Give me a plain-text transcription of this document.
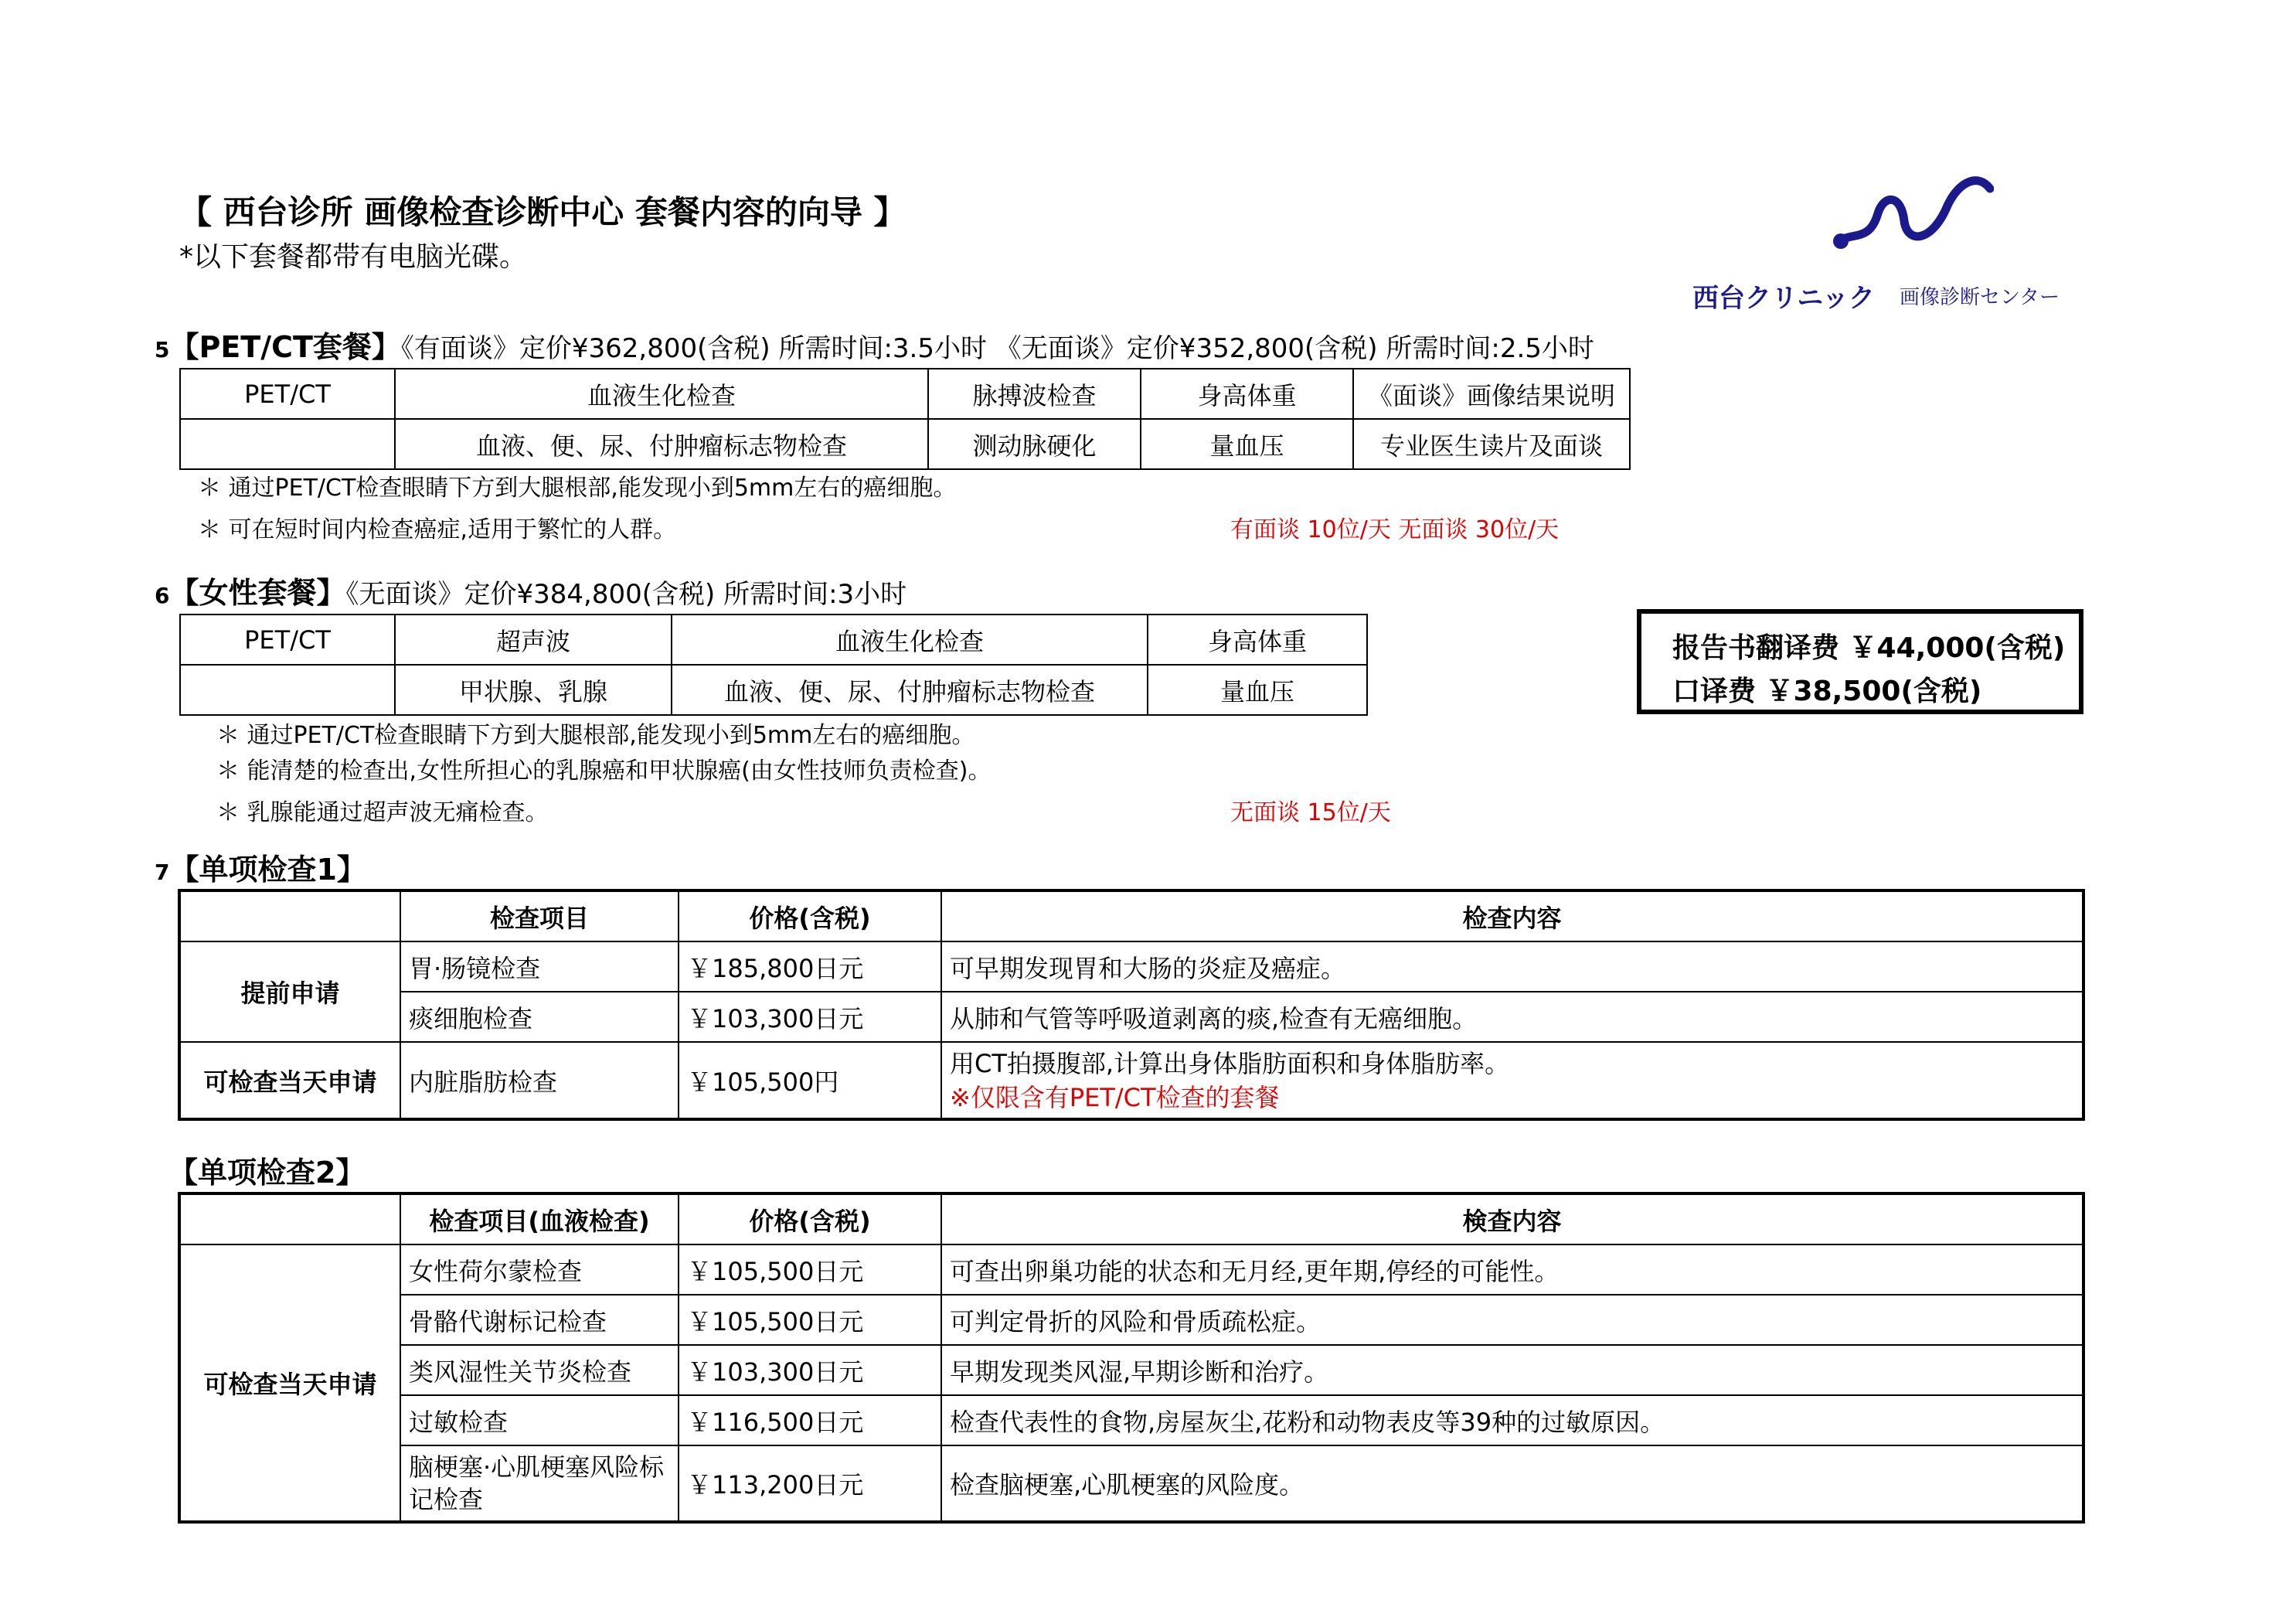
【 西台诊所 画像检查诊断中心 套餐内容的向导 】
*以下套餐都带有电脑光碟。
西台クリニック 画像診断センター
5【PET/CT套餐】《有面谈》定价¥362,800(含税) 所需时间:3.5小时 《无面谈》定价¥352,800(含税) 所需时间:2.5小时
PET/CT	血液生化检查	脉搏波检查	身高体重	《面谈》画像结果说明
	血液、便、尿、付肿瘤标志物检查	测动脉硬化	量血压	专业医生读片及面谈
＊ 通过PET/CT检查眼睛下方到大腿根部,能发现小到5mm左右的癌细胞。
＊ 可在短时间内检查癌症,适用于繁忙的人群。	有面谈 10位/天 无面谈 30位/天
6【女性套餐】《无面谈》定价¥384,800(含税) 所需时间:3小时
PET/CT	超声波	血液生化检查	身高体重
	甲状腺、乳腺	血液、便、尿、付肿瘤标志物检查	量血压
＊ 通过PET/CT检查眼睛下方到大腿根部,能发现小到5mm左右的癌细胞。
＊ 能清楚的检查出,女性所担心的乳腺癌和甲状腺癌(由女性技师负责检查)。
＊ 乳腺能通过超声波无痛检查。	无面谈 15位/天
报告书翻译费 ￥44,000(含税)
口译费 ￥38,500(含税)
7【单项检查1】
	检查项目	价格(含税)	检查内容
提前申请	胃·肠镜检查	￥185,800日元	可早期发现胃和大肠的炎症及癌症。
	痰细胞检查	￥103,300日元	从肺和气管等呼吸道剥离的痰,检查有无癌细胞。
可检查当天申请	内脏脂肪检查	￥105,500円	用CT拍摄腹部,计算出身体脂肪面积和身体脂肪率。
※仅限含有PET/CT检查的套餐
【单项检查2】
	检查项目(血液检查)	价格(含税)	検查内容
可检查当天申请	女性荷尔蒙检查	￥105,500日元	可查出卵巢功能的状态和无月经,更年期,停经的可能性。
	骨骼代谢标记检查	￥105,500日元	可判定骨折的风险和骨质疏松症。
	类风湿性关节炎检查	￥103,300日元	早期发现类风湿,早期诊断和治疗。
	过敏检查	￥116,500日元	检查代表性的食物,房屋灰尘,花粉和动物表皮等39种的过敏原因。
	脑梗塞·心肌梗塞风险标记检查	￥113,200日元	检查脑梗塞,心肌梗塞的风险度。
